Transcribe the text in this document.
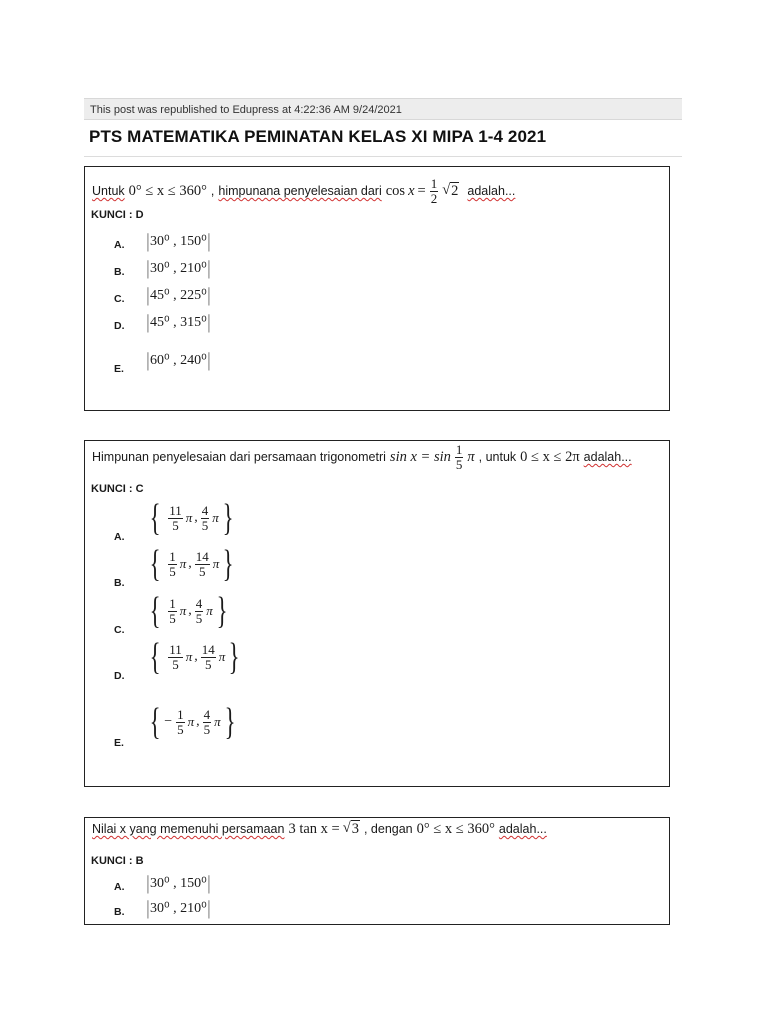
This post was republished to Edupress at 4:22:36 AM 9/24/2021
PTS MATEMATIKA PEMINATAN KELAS XI MIPA 1-4 2021
Untuk 0° ≤ x ≤ 360° , himpunana penyelesaian dari $\cos x = \frac{1}{2}$ √ 2 adalah...
KUNCI : D
A. | 30⁰ , 150⁰ |
B. | 30⁰ , 210⁰ |
C. | 45⁰ , 225⁰ |
D. | 45⁰ , 315⁰ |
E. | 60⁰ , 240⁰ |
Himpunan penyelesaian dari persamaan trigonometri $\sin x = \sin \frac{1}{5}$ π , untuk 0 ≤ x ≤ 2π adalah...
KUNCI : C
A. { $\frac{11}{5}$ π , $\frac{4}{5}$ π }
B. { $\frac{1}{5}$ π , $\frac{14}{5}$ π }
C. { $\frac{1}{5}$ π , $\frac{4}{5}$ π }
D. { $\frac{11}{5}$ π , $\frac{14}{5}$ π }
E. { − $\frac{1}{5}$ π , $\frac{4}{5}$ π }
Nilai x yang memenuhi persamaan 3 tan x = √ 3 , dengan 0° ≤ x ≤ 360° adalah...
KUNCI : B
A. | 30⁰ , 150⁰ |
B. | 30⁰ , 210⁰ |
